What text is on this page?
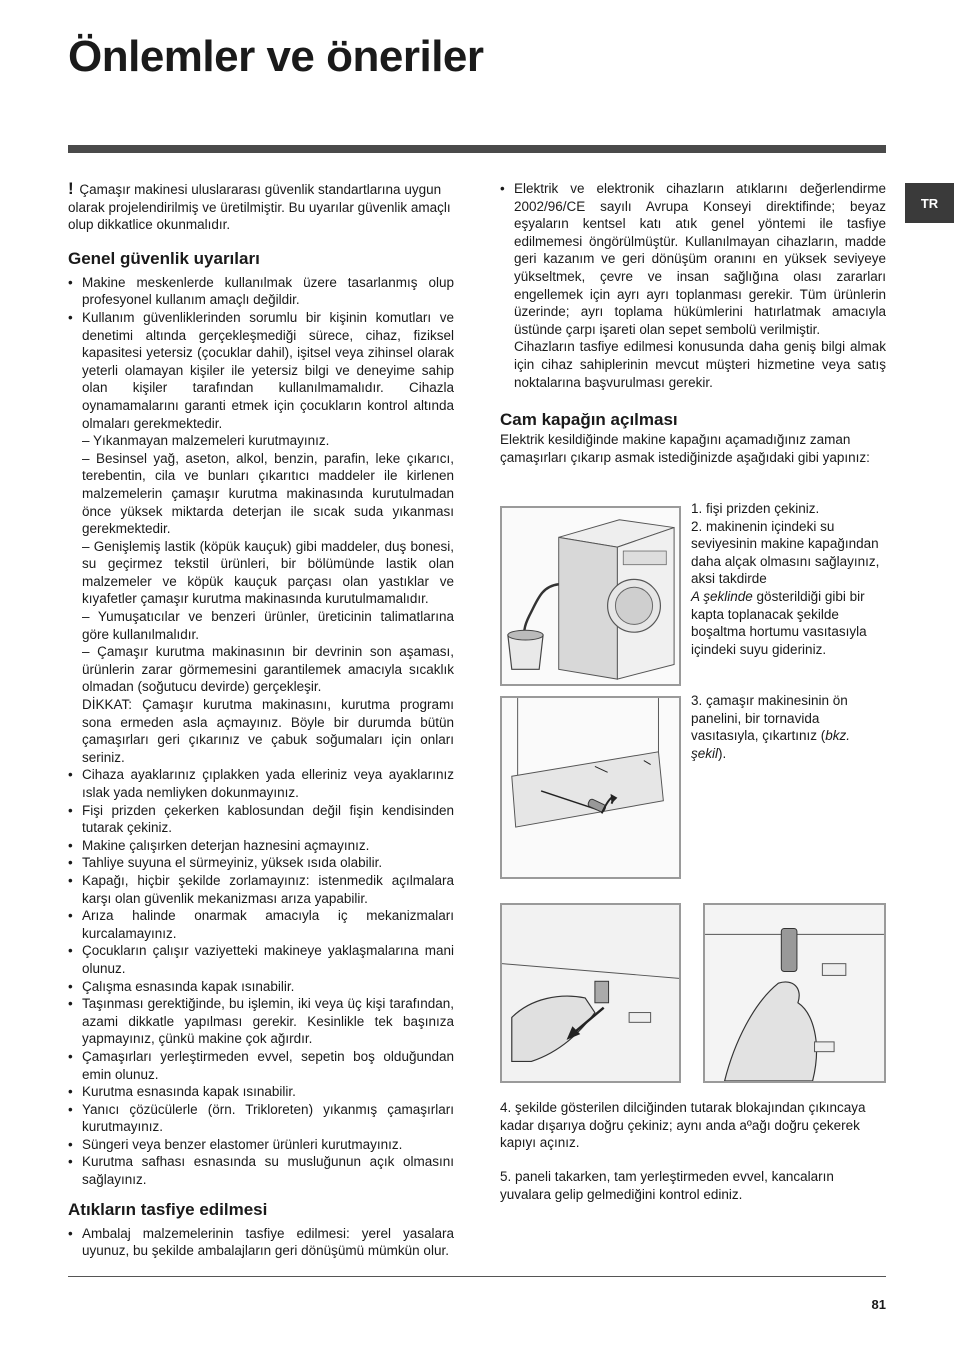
Önlemler ve öneriler
TR

! Çamaşır makinesi uluslararası güvenlik standartlarına uygun olarak projelendirilmiş ve üretilmiştir. Bu uyarılar güvenlik amaçlı olup dikkatlice okunmalıdır.

Genel güvenlik uyarıları
• Makine meskenlerde kullanılmak üzere tasarlanmış olup profesyonel kullanım amaçlı değildir.
• Kullanım güvenliklerinden sorumlu bir kişinin komutları ve denetimi altında gerçekleşmediği sürece, cihaz, fiziksel kapasitesi yetersiz (çocuklar dahil), işitsel veya zihinsel olarak yeterli olamayan kişiler ile yetersiz bilgi ve deneyime sahip olan kişiler tarafından kullanılmamalıdır. Cihazla oynamamalarını garanti etmek için çocukların kontrol altında olmaları gerekmektedir.
– Yıkanmayan malzemeleri kurutmayınız.
– Besinsel yağ, aseton, alkol, benzin, parafin, leke çıkarıcı, terebentin, cila ve bunları çıkarıtıcı maddeler ile kirlenen malzemelerin çamaşır kurutma makinasında kurutulmadan önce yüksek miktarda deterjan ile sıcak suda yıkanması gerekmektedir.
– Genişlemiş lastik (köpük kauçuk) gibi maddeler, duş bonesi, su geçirmez tekstil ürünleri, bir bölümünde lastik olan malzemeler ve köpük kauçuk parçası olan yastıklar ve kıyafetler çamaşır kurutma makinasında kurutulmamalıdır.
– Yumuşatıcılar ve benzeri ürünler, üreticinin talimatlarına göre kullanılmalıdır.
– Çamaşır kurutma makinasının bir devrinin son aşaması, ürünlerin zarar görmemesini garantilemek amacıyla sıcaklık olmadan (soğutucu devirde) gerçekleşir.
DİKKAT: Çamaşır kurutma makinasını, kurutma programı sona ermeden asla açmayınız. Böyle bir durumda bütün çamaşırları geri çıkarınız ve çabuk soğumaları için onları seriniz.
• Cihaza ayaklarınız çıplakken yada elleriniz veya ayaklarınız ıslak yada nemliyken dokunmayınız.
• Fişi prizden çekerken kablosundan değil fişin kendisinden tutarak çekiniz.
• Makine çalışırken deterjan haznesini açmayınız.
• Tahliye suyuna el sürmeyiniz, yüksek ısıda olabilir.
• Kapağı, hiçbir şekilde zorlamayınız: istenmedik açılmalara karşı olan güvenlik mekanizması arıza yapabilir.
• Arıza halinde onarmak amacıyla iç mekanizmaları kurcalamayınız.
• Çocukların çalışır vaziyetteki makineye yaklaşmalarına mani olunuz.
• Çalışma esnasında kapak ısınabilir.
• Taşınması gerektiğinde, bu işlemin, iki veya üç kişi tarafından, azami dikkatle yapılması gerekir. Kesinlikle tek başınıza yapmayınız, çünkü makine çok ağırdır.
• Çamaşırları yerleştirmeden evvel, sepetin boş olduğundan emin olunuz.
• Kurutma esnasında kapak ısınabilir.
• Yanıcı çözücülerle (örn. Trikloreten) yıkanmış çamaşırları kurutmayınız.
• Süngeri veya benzer elastomer ürünleri kurutmayınız.
• Kurutma safhası esnasında su musluğunun açık olmasını sağlayınız.
Atıkların tasfiye edilmesi
• Ambalaj malzemelerinin tasfiye edilmesi: yerel yasalara uyunuz, bu şekilde ambalajların geri dönüşümü mümkün olur.
• Elektrik ve elektronik cihazların atıklarını değerlendirme 2002/96/CE sayılı Avrupa Konseyi direktifinde; beyaz eşyaların kentsel katı atık genel yöntemi ile tasfiye edilmemesi öngörülmüştür. Kullanılmayan cihazların, madde geri kazanım ve geri dönüşüm oranını en yüksek seviyeye yükseltmek, çevre ve insan sağlığına olası zararları engellemek için ayrı ayrı toplanması gerekir. Tüm ürünlerin üzerinde; ayrı toplama hükümlerini hatırlatmak amacıyla üstünde çarpı işareti olan sepet sembolü verilmiştir.
Cihazların tasfiye edilmesi konusunda daha geniş bilgi almak için cihaz sahiplerinin mevcut müşteri hizmetine veya satış noktalarına başvurulması gerekir.
Cam kapağın açılması

Elektrik kesildiğinde makine kapağını açamadığınız zaman çamaşırları çıkarıp asmak istediğinizde aşağıdaki gibi yapınız:

1. fişi prizden çekiniz.
2. makinenin içindeki su seviyesinin makine kapağından daha alçak olmasını sağlayınız, aksi takdirde
A şeklinde gösterildiği gibi bir kapta toplanacak şekilde boşaltma hortumu vasıtasıyla içindeki suyu gideriniz.
3. çamaşır makinesinin ön panelini, bir tornavida vasıtasıyla, çıkartınız (bkz. şekil).
4. şekilde gösterilen dilciğinden tutarak blokajından çıkıncaya kadar dışarıya doğru çekiniz; aynı anda aºağı doğru çekerek kapıyı açınız.
5. paneli takarken, tam yerleştirmeden evvel, kancaların yuvalara gelip gelmediğini kontrol ediniz.
81
